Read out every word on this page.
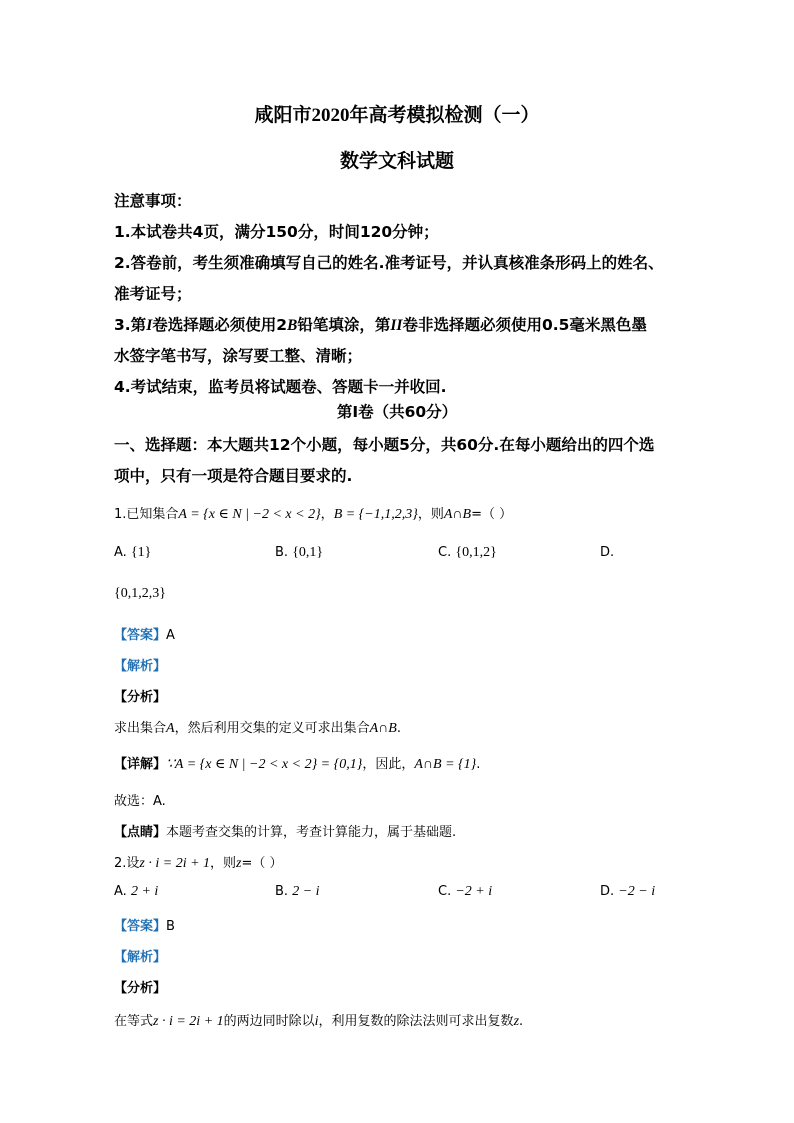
咸阳市2020年高考模拟检测（一）
数学文科试题
注意事项：
1.本试卷共4页，满分150分，时间120分钟；
2.答卷前，考生须准确填写自己的姓名.准考证号，并认真核准条形码上的姓名、
准考证号；
3.第I卷选择题必须使用2B铅笔填涂，第II卷非选择题必须使用0.5毫米黑色墨
水签字笔书写，涂写要工整、清晰；
4.考试结束，监考员将试题卷、答题卡一并收回.
第Ⅰ卷（共60分）
一、选择题：本大题共12个小题，每小题5分，共60分.在每小题给出的四个选
项中，只有一项是符合题目要求的.
1.已知集合A = {x ∈ N | −2 < x < 2}，B = {−1,1,2,3}，则A∩B=（ ）
A. {1}	B. {0,1}	C. {0,1,2}	D.
{0,1,2,3}
【答案】A
【解析】
【分析】
求出集合A，然后利用交集的定义可求出集合A∩B.
【详解】∵A = {x ∈ N | −2 < x < 2} = {0,1}，因此，A∩B = {1}.
故选：A.
【点睛】本题考查交集的计算，考查计算能力，属于基础题.
2.设z · i = 2i + 1，则z=（ ）
A. 2 + i	B. 2 − i	C. −2 + i	D. −2 − i
【答案】B
【解析】
【分析】
在等式z · i = 2i + 1的两边同时除以i，利用复数的除法法则可求出复数z.
